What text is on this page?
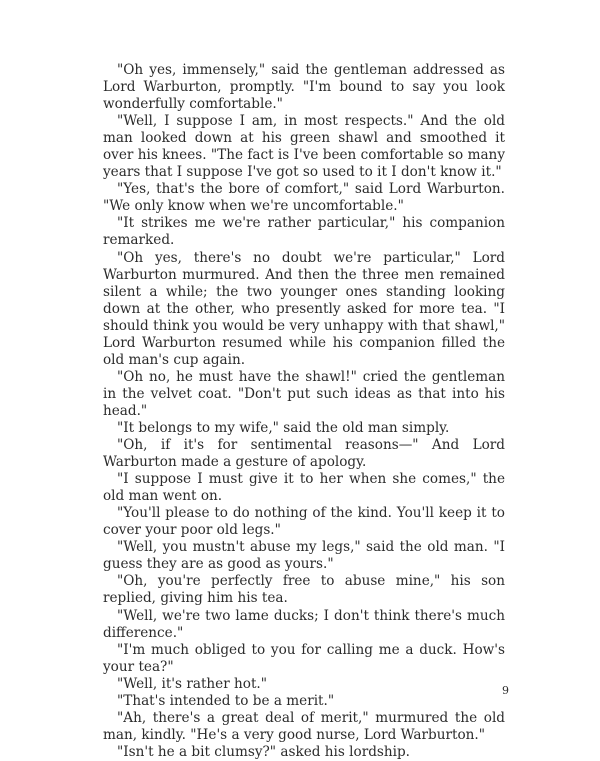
"Oh yes, immensely," said the gentleman addressed as Lord Warburton, promptly. "I'm bound to say you look wonderfully comfortable."

"Well, I suppose I am, in most respects." And the old man looked down at his green shawl and smoothed it over his knees. "The fact is I've been comfortable so many years that I suppose I've got so used to it I don't know it."

"Yes, that's the bore of comfort," said Lord Warburton. "We only know when we're uncomfortable."

"It strikes me we're rather particular," his companion remarked.

"Oh yes, there's no doubt we're particular," Lord Warburton murmured. And then the three men remained silent a while; the two younger ones standing looking down at the other, who presently asked for more tea. "I should think you would be very unhappy with that shawl," Lord Warburton resumed while his companion filled the old man's cup again.

"Oh no, he must have the shawl!" cried the gentleman in the velvet coat. "Don't put such ideas as that into his head."

"It belongs to my wife," said the old man simply.

"Oh, if it's for sentimental reasons—" And Lord Warburton made a gesture of apology.

"I suppose I must give it to her when she comes," the old man went on.

"You'll please to do nothing of the kind. You'll keep it to cover your poor old legs."

"Well, you mustn't abuse my legs," said the old man. "I guess they are as good as yours."

"Oh, you're perfectly free to abuse mine," his son replied, giving him his tea.

"Well, we're two lame ducks; I don't think there's much difference."

"I'm much obliged to you for calling me a duck. How's your tea?"

"Well, it's rather hot."

"That's intended to be a merit."

"Ah, there's a great deal of merit," murmured the old man, kindly. "He's a very good nurse, Lord Warburton."

"Isn't he a bit clumsy?" asked his lordship.

9
